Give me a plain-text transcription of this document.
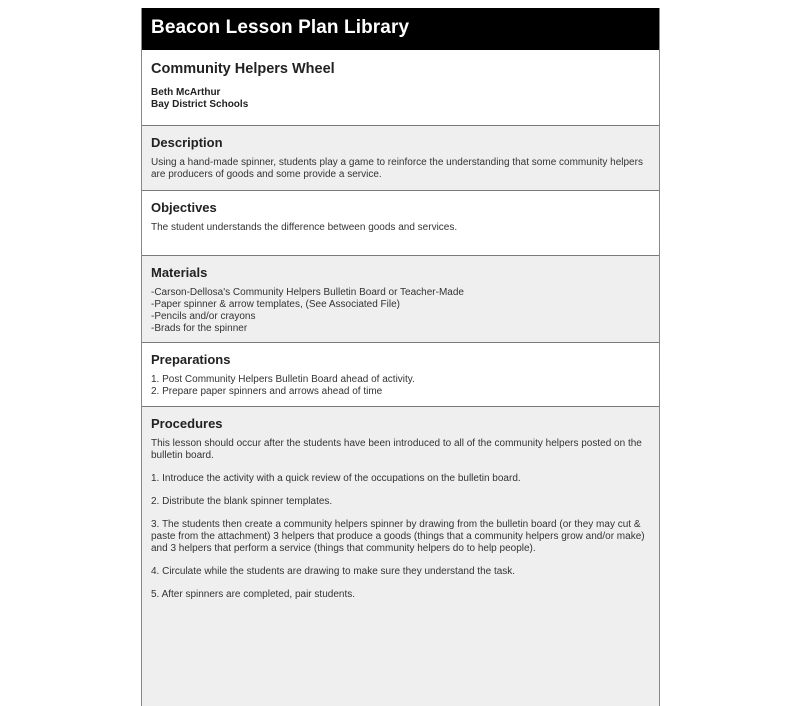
Beacon Lesson Plan Library
Community Helpers Wheel
Beth McArthur
Bay District Schools
Description
Using a hand-made spinner, students play a game to reinforce the understanding that some community helpers are producers of goods and some provide a service.
Objectives
The student understands the difference between goods and services.
Materials
-Carson-Dellosa's Community Helpers Bulletin Board or Teacher-Made
-Paper spinner & arrow templates, (See Associated File)
-Pencils and/or crayons
-Brads for the spinner
Preparations
1. Post Community Helpers Bulletin Board ahead of activity.
2. Prepare paper spinners and arrows ahead of time
Procedures

This lesson should occur after the students have been introduced to all of the community helpers posted on the bulletin board.

1. Introduce the activity with a quick review of the occupations on the bulletin board.

2. Distribute the blank spinner templates.

3. The students then create a community helpers spinner by drawing from the bulletin board (or they may cut & paste from the attachment) 3 helpers that produce a goods (things that a community helpers grow and/or make) and 3 helpers that perform a service (things that community helpers do to help people).

4. Circulate while the students are drawing to make sure they understand the task.

5. After spinners are completed, pair students.
